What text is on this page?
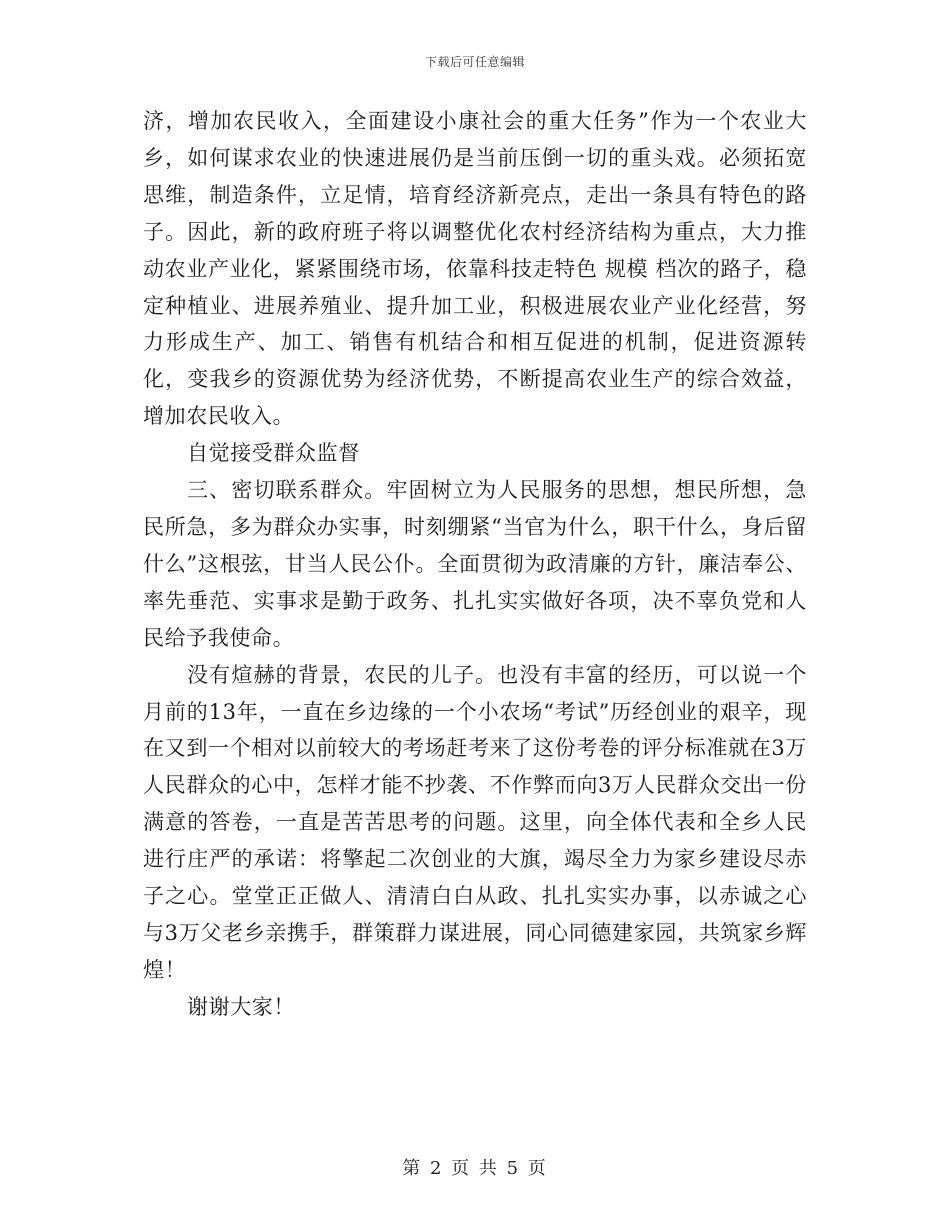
下载后可任意编辑

济，增加农民收入，全面建设小康社会的重大任务”作为一个农业大乡，如何谋求农业的快速进展仍是当前压倒一切的重头戏。必须拓宽思维，制造条件，立足情，培育经济新亮点，走出一条具有特色的路子。因此，新的政府班子将以调整优化农村经济结构为重点，大力推动农业产业化，紧紧围绕市场，依靠科技走特色 规模 档次的路子，稳定种植业、进展养殖业、提升加工业，积极进展农业产业化经营，努力形成生产、加工、销售有机结合和相互促进的机制，促进资源转化，变我乡的资源优势为经济优势，不断提高农业生产的综合效益，增加农民收入。

自觉接受群众监督

三、密切联系群众。牢固树立为人民服务的思想，想民所想，急民所急，多为群众办实事，时刻绷紧“当官为什么，职干什么，身后留什么”这根弦，甘当人民公仆。全面贯彻为政清廉的方针，廉洁奉公、率先垂范、实事求是勤于政务、扎扎实实做好各项，决不辜负党和人民给予我使命。

没有煊赫的背景，农民的儿子。也没有丰富的经历，可以说一个月前的13年，一直在乡边缘的一个小农场“考试”历经创业的艰辛，现在又到一个相对以前较大的考场赶考来了这份考卷的评分标准就在3万人民群众的心中，怎样才能不抄袭、不作弊而向3万人民群众交出一份满意的答卷，一直是苦苦思考的问题。这里，向全体代表和全乡人民进行庄严的承诺：将擎起二次创业的大旗，竭尽全力为家乡建设尽赤子之心。堂堂正正做人、清清白白从政、扎扎实实办事，以赤诚之心与3万父老乡亲携手，群策群力谋进展，同心同德建家园，共筑家乡辉煌！

谢谢大家！

第 2 页 共 5 页
